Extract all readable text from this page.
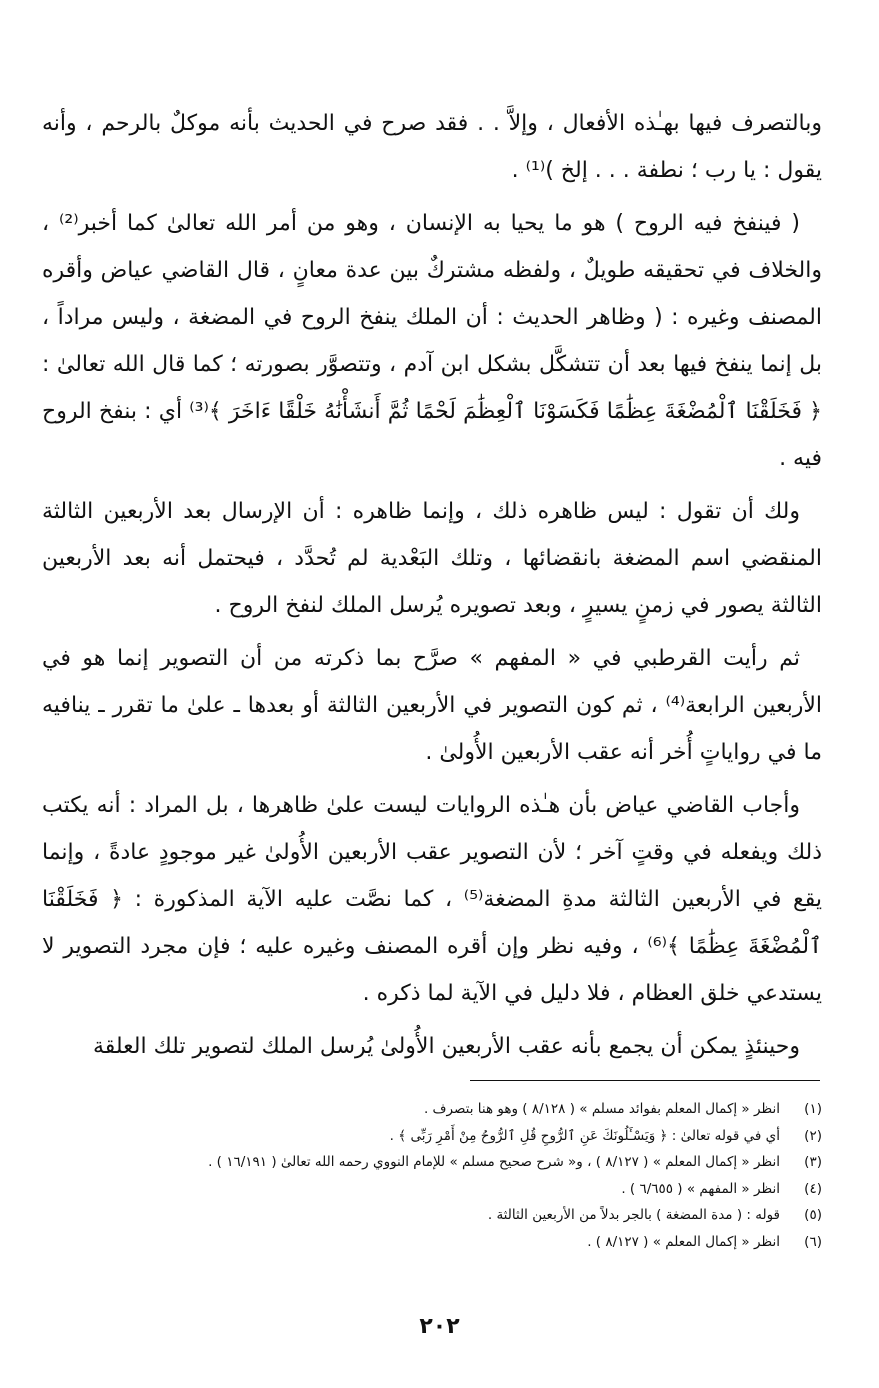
وبالتصرف فيها بهـٰذه الأفعال ، وإلاَّ . . فقد صرح في الحديث بأنه موكلٌ بالرحم ، وأنه يقول : يا رب ؛ نطفة . . . إلخ )⁽¹⁾ .

( فينفخ فيه الروح ) هو ما يحيا به الإنسان ، وهو من أمر الله تعالىٰ كما أخبر⁽²⁾ ، والخلاف في تحقيقه طويلٌ ، ولفظه مشتركٌ بين عدة معانٍ ، قال القاضي عياض وأقره المصنف وغيره : ( وظاهر الحديث : أن الملك ينفخ الروح في المضغة ، وليس مراداً ، بل إنما ينفخ فيها بعد أن تتشكَّل بشكل ابن آدم ، وتتصوَّر بصورته ؛ كما قال الله تعالىٰ : ﴿ فَخَلَقْنَا ٱلْمُضْغَةَ عِظَٰمًا فَكَسَوْنَا ٱلْعِظَٰمَ لَحْمًا ثُمَّ أَنشَأْنَٰهُ خَلْقًا ءَاخَرَ ﴾⁽³⁾ أي : بنفخ الروح فيه .

ولك أن تقول : ليس ظاهره ذلك ، وإنما ظاهره : أن الإرسال بعد الأربعين الثالثة المنقضي اسم المضغة بانقضائها ، وتلك البَعْدية لم تُحدَّد ، فيحتمل أنه بعد الأربعين الثالثة يصور في زمنٍ يسيرٍ ، وبعد تصويره يُرسل الملك لنفخ الروح .

ثم رأيت القرطبي في « المفهم » صرَّح بما ذكرته من أن التصوير إنما هو في الأربعين الرابعة⁽⁴⁾ ، ثم كون التصوير في الأربعين الثالثة أو بعدها ـ علىٰ ما تقرر ـ ينافيه ما في رواياتٍ أُخر أنه عقب الأربعين الأُولىٰ .

وأجاب القاضي عياض بأن هـٰذه الروايات ليست علىٰ ظاهرها ، بل المراد : أنه يكتب ذلك ويفعله في وقتٍ آخر ؛ لأن التصوير عقب الأربعين الأُولىٰ غير موجودٍ عادةً ، وإنما يقع في الأربعين الثالثة مدةِ المضغة⁽⁵⁾ ، كما نصَّت عليه الآية المذكورة : ﴿ فَخَلَقْنَا ٱلْمُضْغَةَ عِظَٰمًا ﴾⁽⁶⁾ ، وفيه نظر وإن أقره المصنف وغيره عليه ؛ فإن مجرد التصوير لا يستدعي خلق العظام ، فلا دليل في الآية لما ذكره .

وحينئذٍ يمكن أن يجمع بأنه عقب الأربعين الأُولىٰ يُرسل الملك لتصوير تلك العلقة

(١)
انظر « إكمال المعلم بفوائد مسلم » ( ٨/١٢٨ ) وهو هنا بتصرف .
(٢)
أي في قوله تعالىٰ : ﴿ وَيَسْـَٔلُونَكَ عَنِ ٱلرُّوحِ قُلِ ٱلرُّوحُ مِنْ أَمْرِ رَبِّى ﴾ .
(٣)
انظر « إكمال المعلم » ( ٨/١٢٧ ) ، و« شرح صحيح مسلم » للإمام النووي رحمه الله تعالىٰ ( ١٦/١٩١ ) .
(٤)
انظر « المفهم » ( ٦/٦٥٥ ) .
(٥)
قوله : ( مدة المضغة ) بالجر بدلاً من الأربعين الثالثة .
(٦)
انظر « إكمال المعلم » ( ٨/١٢٧ ) .
٢٠٢
